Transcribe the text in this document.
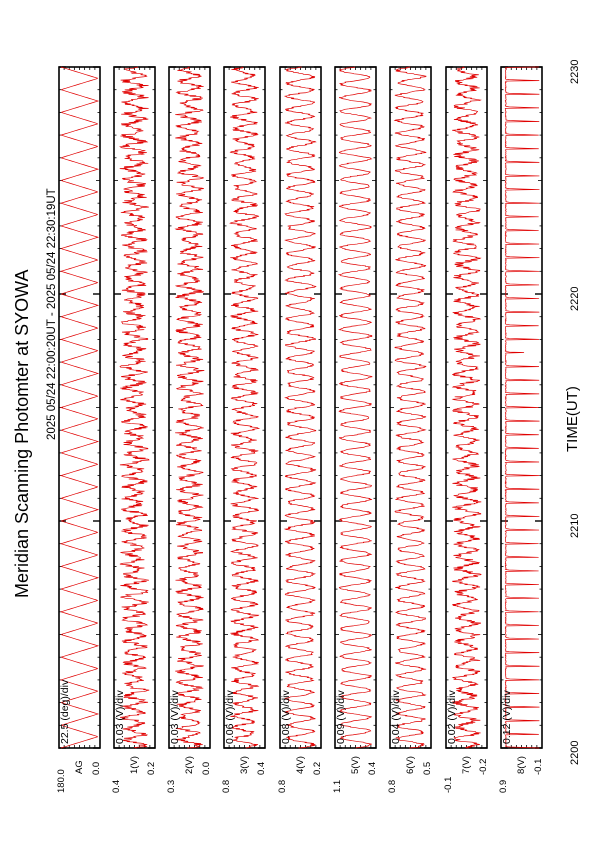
Meridian Scanning Photomter at SYOWA 2025 05/24 22:00:20UT - 2025 05/24 22:30:19UT	TIME(UT)
2200
2210
2220
2230
22.5 (deg)/div
180.0
AG 0.0
0.03 (V)/div
0.4
1(V) 0.2
0.03 (V)/div
0.3
2(V) 0.0
0.06 (V)/div
0.8
3(V) 0.4
0.08 (V)/div
0.8
4(V) 0.2
0.09 (V)/div
1.1
5(V) 0.4
0.04 (V)/div
0.8
6(V) 0.5
0.02 (V)/div
-0.1
7(V) -0.2
0.12 (V)/div
0.9
8(V) -0.1
